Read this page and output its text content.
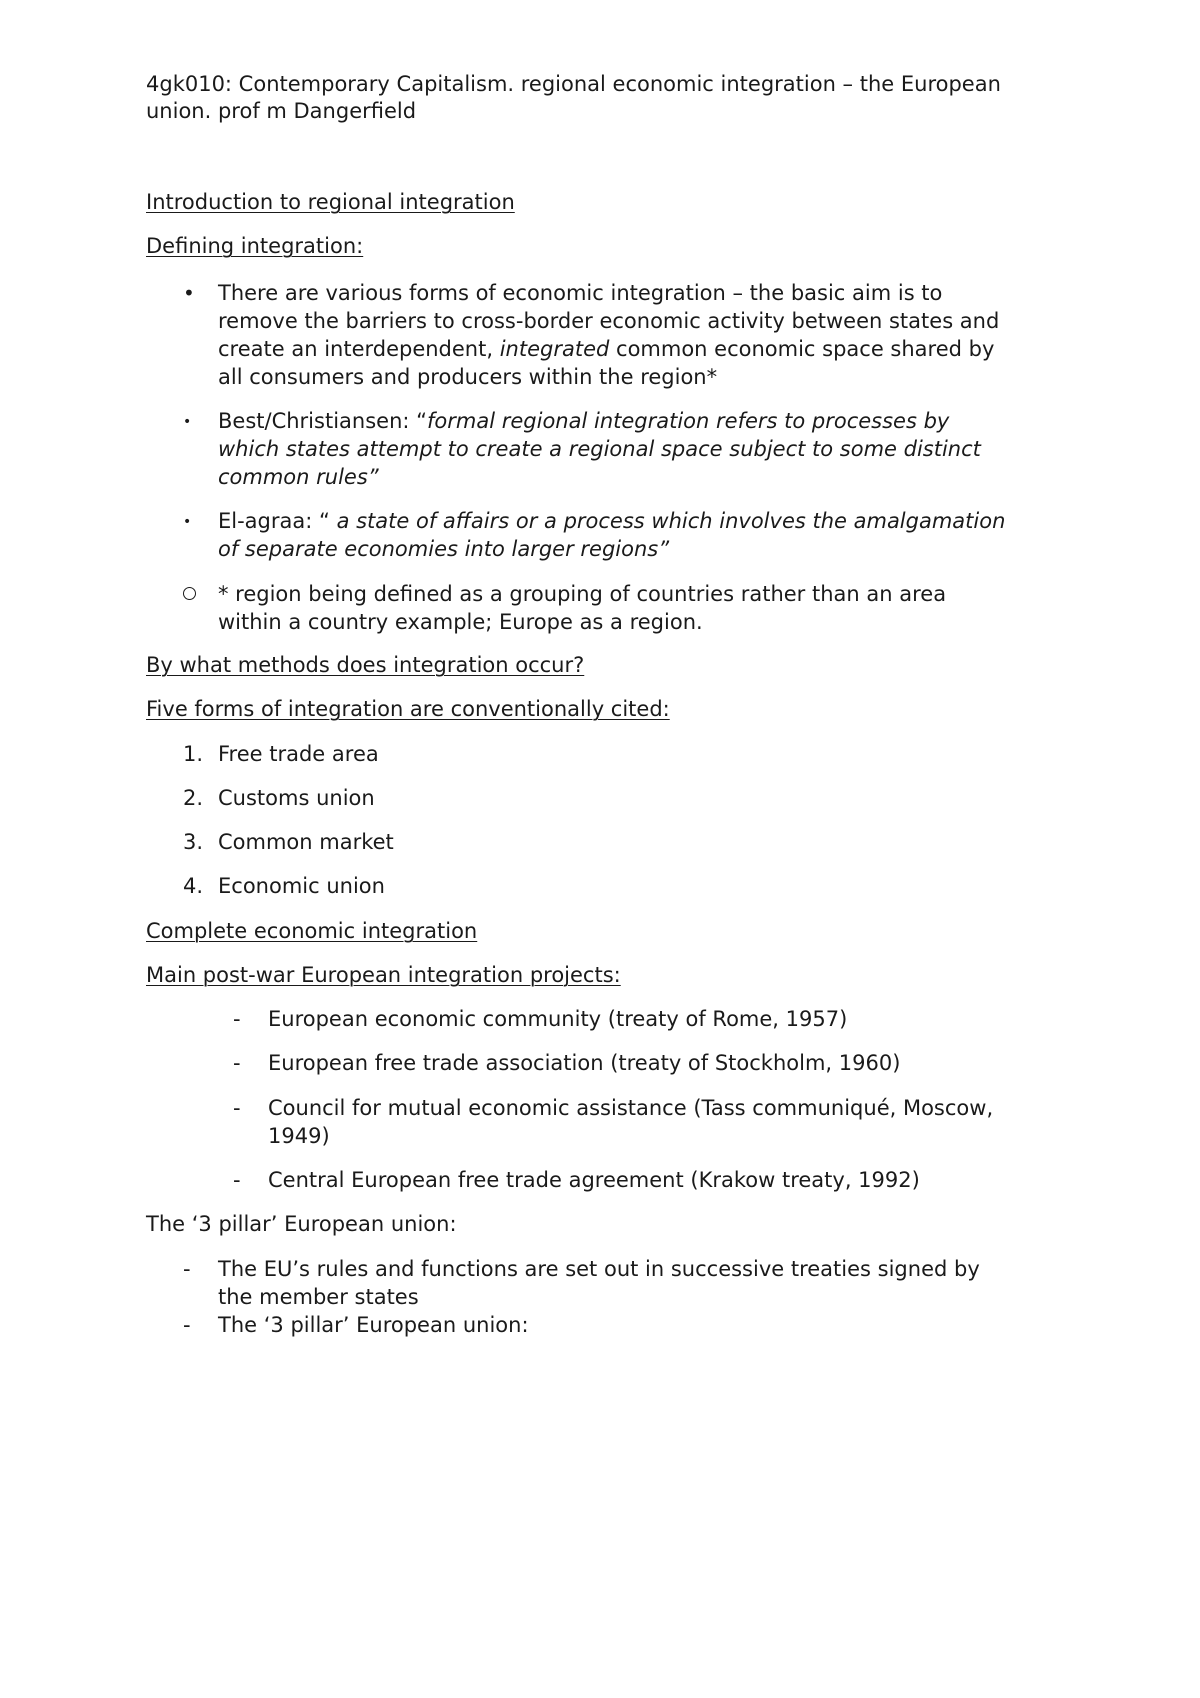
4gk010: Contemporary Capitalism. regional economic integration – the European

union. prof m Dangerfield

Introduction to regional integration

Defining integration:

• There are various forms of economic integration – the basic aim is to

remove the barriers to cross-border economic activity between states and

create an interdependent, integrated common economic space shared by

all consumers and producers within the region*

• Best/Christiansen: “formal regional integration refers to processes by

which states attempt to create a regional space subject to some distinct

common rules”

• El-agraa: “ a state of affairs or a process which involves the amalgamation

of separate economies into larger regions”

* region being defined as a grouping of countries rather than an area

within a country example; Europe as a region.

By what methods does integration occur?

Five forms of integration are conventionally cited:

1. Free trade area

2. Customs union

3. Common market

4. Economic union

Complete economic integration

Main post-war European integration projects:

- European economic community (treaty of Rome, 1957)

- European free trade association (treaty of Stockholm, 1960)

- Council for mutual economic assistance (Tass communiqué, Moscow,

1949)

- Central European free trade agreement (Krakow treaty, 1992)

The ‘3 pillar’ European union:

- The EU’s rules and functions are set out in successive treaties signed by

the member states

- The ‘3 pillar’ European union:
